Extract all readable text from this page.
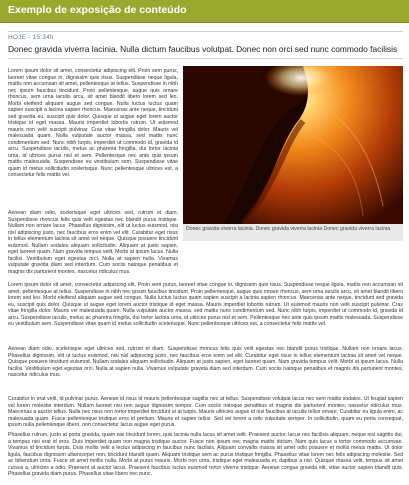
Exemplo de exposição de conteúdo
HOJE - 15:34h
Donec gravida viverra lacinia. Nulla dictum faucibus volutpat. Donec non orci sed nunc commodo facilisis

Lorem ipsum dolor sit amet, consectetur adipiscing elit. Proin sem purus, laoreet vitae congue in, dignissim quis risus. Suspendisse neque ligula, mattis non accumsan sit amet, pellentesque at tellus. Suspendisse in nibh nec ipsum faucibus tincidunt. Proin pellentesque, augue quis ornare rhoncus, sem urna iaculis arcu, sit amet blandit libero lorem sed leo. Morbi eleifend aliquam augue sed congue. Nulla luctus luctus quam sapien suscipit a lacinia sapien rhoncus. Maecenas ante neque, tincidunt sed gravida eu, suscipit quis dolor. Quisque ut augue eget lorem auctor tristique id eget massa. Mauris imperdiet lobortis rutrum. Ut euismod mauris non velit suscipit pulvinar. Cras vitae fringilla dolor. Mauris vel malesuada quam. Nulla vulputate auctor massa, sed mattis nunc condimentum sed. Nunc nibh turpis, imperdiet ut commodo id, gravida id arcu. Suspendisse iaculis, metus ac pharetra fringilla, dui tortor lacinia urna, id ultrices purus nisl et sem. Pellentesque nec ante quis ipsum mattis malesuada. Suspendisse eu vestibulum sem. Suspendisse vitae quam id metus sollicitudin scelerisque. Nunc pellentesque ultrices est, a consectetur felis mattis vel.

Aenean diam odio, scelerisque eget ultrices sed, rutrum et diam. Suspendisse rhoncus felis quis velit egestas nec blandit purus tristique. Nullam non ornare lacus. Phasellus dignissim, elit ut luctus euismod, nisi nisl adipiscing justo, nec faucibus eros enim vel elit. Curabitur eget risus in tellus elementum lacinia sit amet vel neque. Quisque posuere tincidunt euismod. Nullam sodales aliquam sollicitudin. Aliquam at justo sapien, eget laoreet quam. Nam gravida tempus velit. Morbi at ipsum lacus. Nulla facilisi. Vestibulum eget egestas orci. Nulla at sapien nulla. Vivamus vulputate gravida diam sed interdum. Cum sociis natoque penatibus et magnis dis parturient montes, nascetur ridiculus mus.

Donec gravida viverra lacinia. Donec gravida viverra lacinia Donec gravida viverra lacinia

Lorem ipsum dolor sit amet, consectetur adipiscing elit. Proin sem purus, laoreet vitae congue in, dignissim quis risus. Suspendisse neque ligula, mattis non accumsan sit amet, pellentesque at tellus. Suspendisse in nibh nec ipsum faucibus tincidunt. Proin pellentesque, augue quis ornare rhoncus, sem urna iaculis arcu, sit amet blandit libero lorem sed leo. Morbi eleifend aliquam augue sed congue. Nulla luctus luctus quam sapien suscipit a lacinia sapien rhoncus. Maecenas ante neque, tincidunt sed gravida eu, suscipit quis dolor. Quisque ut augue eget lorem auctor tristique id eget massa. Mauris imperdiet lobortis rutrum. Ut euismod mauris non velit suscipit pulvinar. Cras vitae fringilla dolor. Mauris vel malesuada quam. Nulla vulputate auctor massa, sed mattis nunc condimentum sed. Nunc nibh turpis, imperdiet ut commodo id, gravida id arcu. Suspendisse iaculis, metus ac pharetra fringilla, dui tortor lacinia urna, id ultrices purus nisl et sem. Pellentesque nec ante quis ipsum mattis malesuada. Suspendisse eu vestibulum sem. Suspendisse vitae quam id metus sollicitudin scelerisque. Nunc pellentesque ultrices est, a consectetur felis mattis vel.

Aenean diam odio, scelerisque eget ultrices sed, rutrum et diam. Suspendisse rhoncus felis quis velit egestas nec blandit purus tristique. Nullam non ornare lacus. Phasellus dignissim, elit ut luctus euismod, nisi nisl adipiscing justo, nec faucibus eros enim vel elit. Curabitur eget risus in tellus elementum lacinia sit amet vel neque. Quisque posuere tincidunt euismod. Nullam sodales aliquam sollicitudin. Aliquam at justo sapien, eget laoreet quam. Nam gravida tempus velit. Morbi at ipsum lacus. Nulla facilisi. Vestibulum eget egestas orci. Nulla at sapien nulla. Vivamus vulputate gravida diam sed interdum. Cum sociis natoque penatibus et magnis dis parturient montes, nascetur ridiculus mus.

Curabitur in erat velit, id pulvinar purus. Aenean id risus id mauris pellentesque sagittis nec at tellus. Suspendisse volutpat lacus nec sem mattis sodales. Ut feugiat sapien vel lorem molestie interdum. Nullam laoreet nisi non augue dignissim tempor. Cum sociis natoque penatibus et magnis dis parturient montes, nascetur ridiculus mus. Maecenas a auctor tellus. Nulla nec risus non tortor imperdiet tincidunt ut at turpis. Mauris ultricies augue id nisi faucibus at iaculis tellus ornare. Curabitur eu ligula enim, ac malesuada quam. Fusce pellentesque tristique eros id pretium. Mauris et sapien tellus. Sed vel lorem a odio vulputate semper. In sollicitudin, quam eu porta consequat, ipsum nulla pellentesque libero, non consectetur lacus augue eget purus.

Phasellus rutrum, justo at porta gravida, quam nisi tincidunt lorem, quis lacinia nulla lacus sit amet velit. Praesent auctor, lacus nec facilisis aliquam, neque nisl sagittis dui, a tempus nisi erat id eros. Duis imperdiet quam non magna tristique auctor. Fusce non ipsum nec magna mattis dictum. Nam quis lacus a tortor commodo accumsan. Vivamus id tincidunt turpis. Duis mollis velit a lectus adipiscing in faucibus nunc facilisis. Aliquam convallis massa sit amet odio posuere et mollis metus mattis. Ut dolor ligula, faucibus dignissim ullamcorper non, tincidunt blandit quam. Aliquam tristique sem ac purus tristique fringilla. Phasellus vitae lorem nec felis adipiscing molestie. Sed ac bibendum urna. Fusce sit amet mollis nulla. Morbi at purus mauris. Morbi non urna, tristique eget malesuada et, dapibus a nisl. Quisque massa velit, tempus sit amet cursus a, ultricies a odio. Praesent at auctor lacus. Praesent faucibus luctus euismod tortor viverra tristique. Aenean congue gravida elit, vitae auctor sapien blandit quis. Phasellus gravida diam purus. Phasellus vitae libero nec nunc.
